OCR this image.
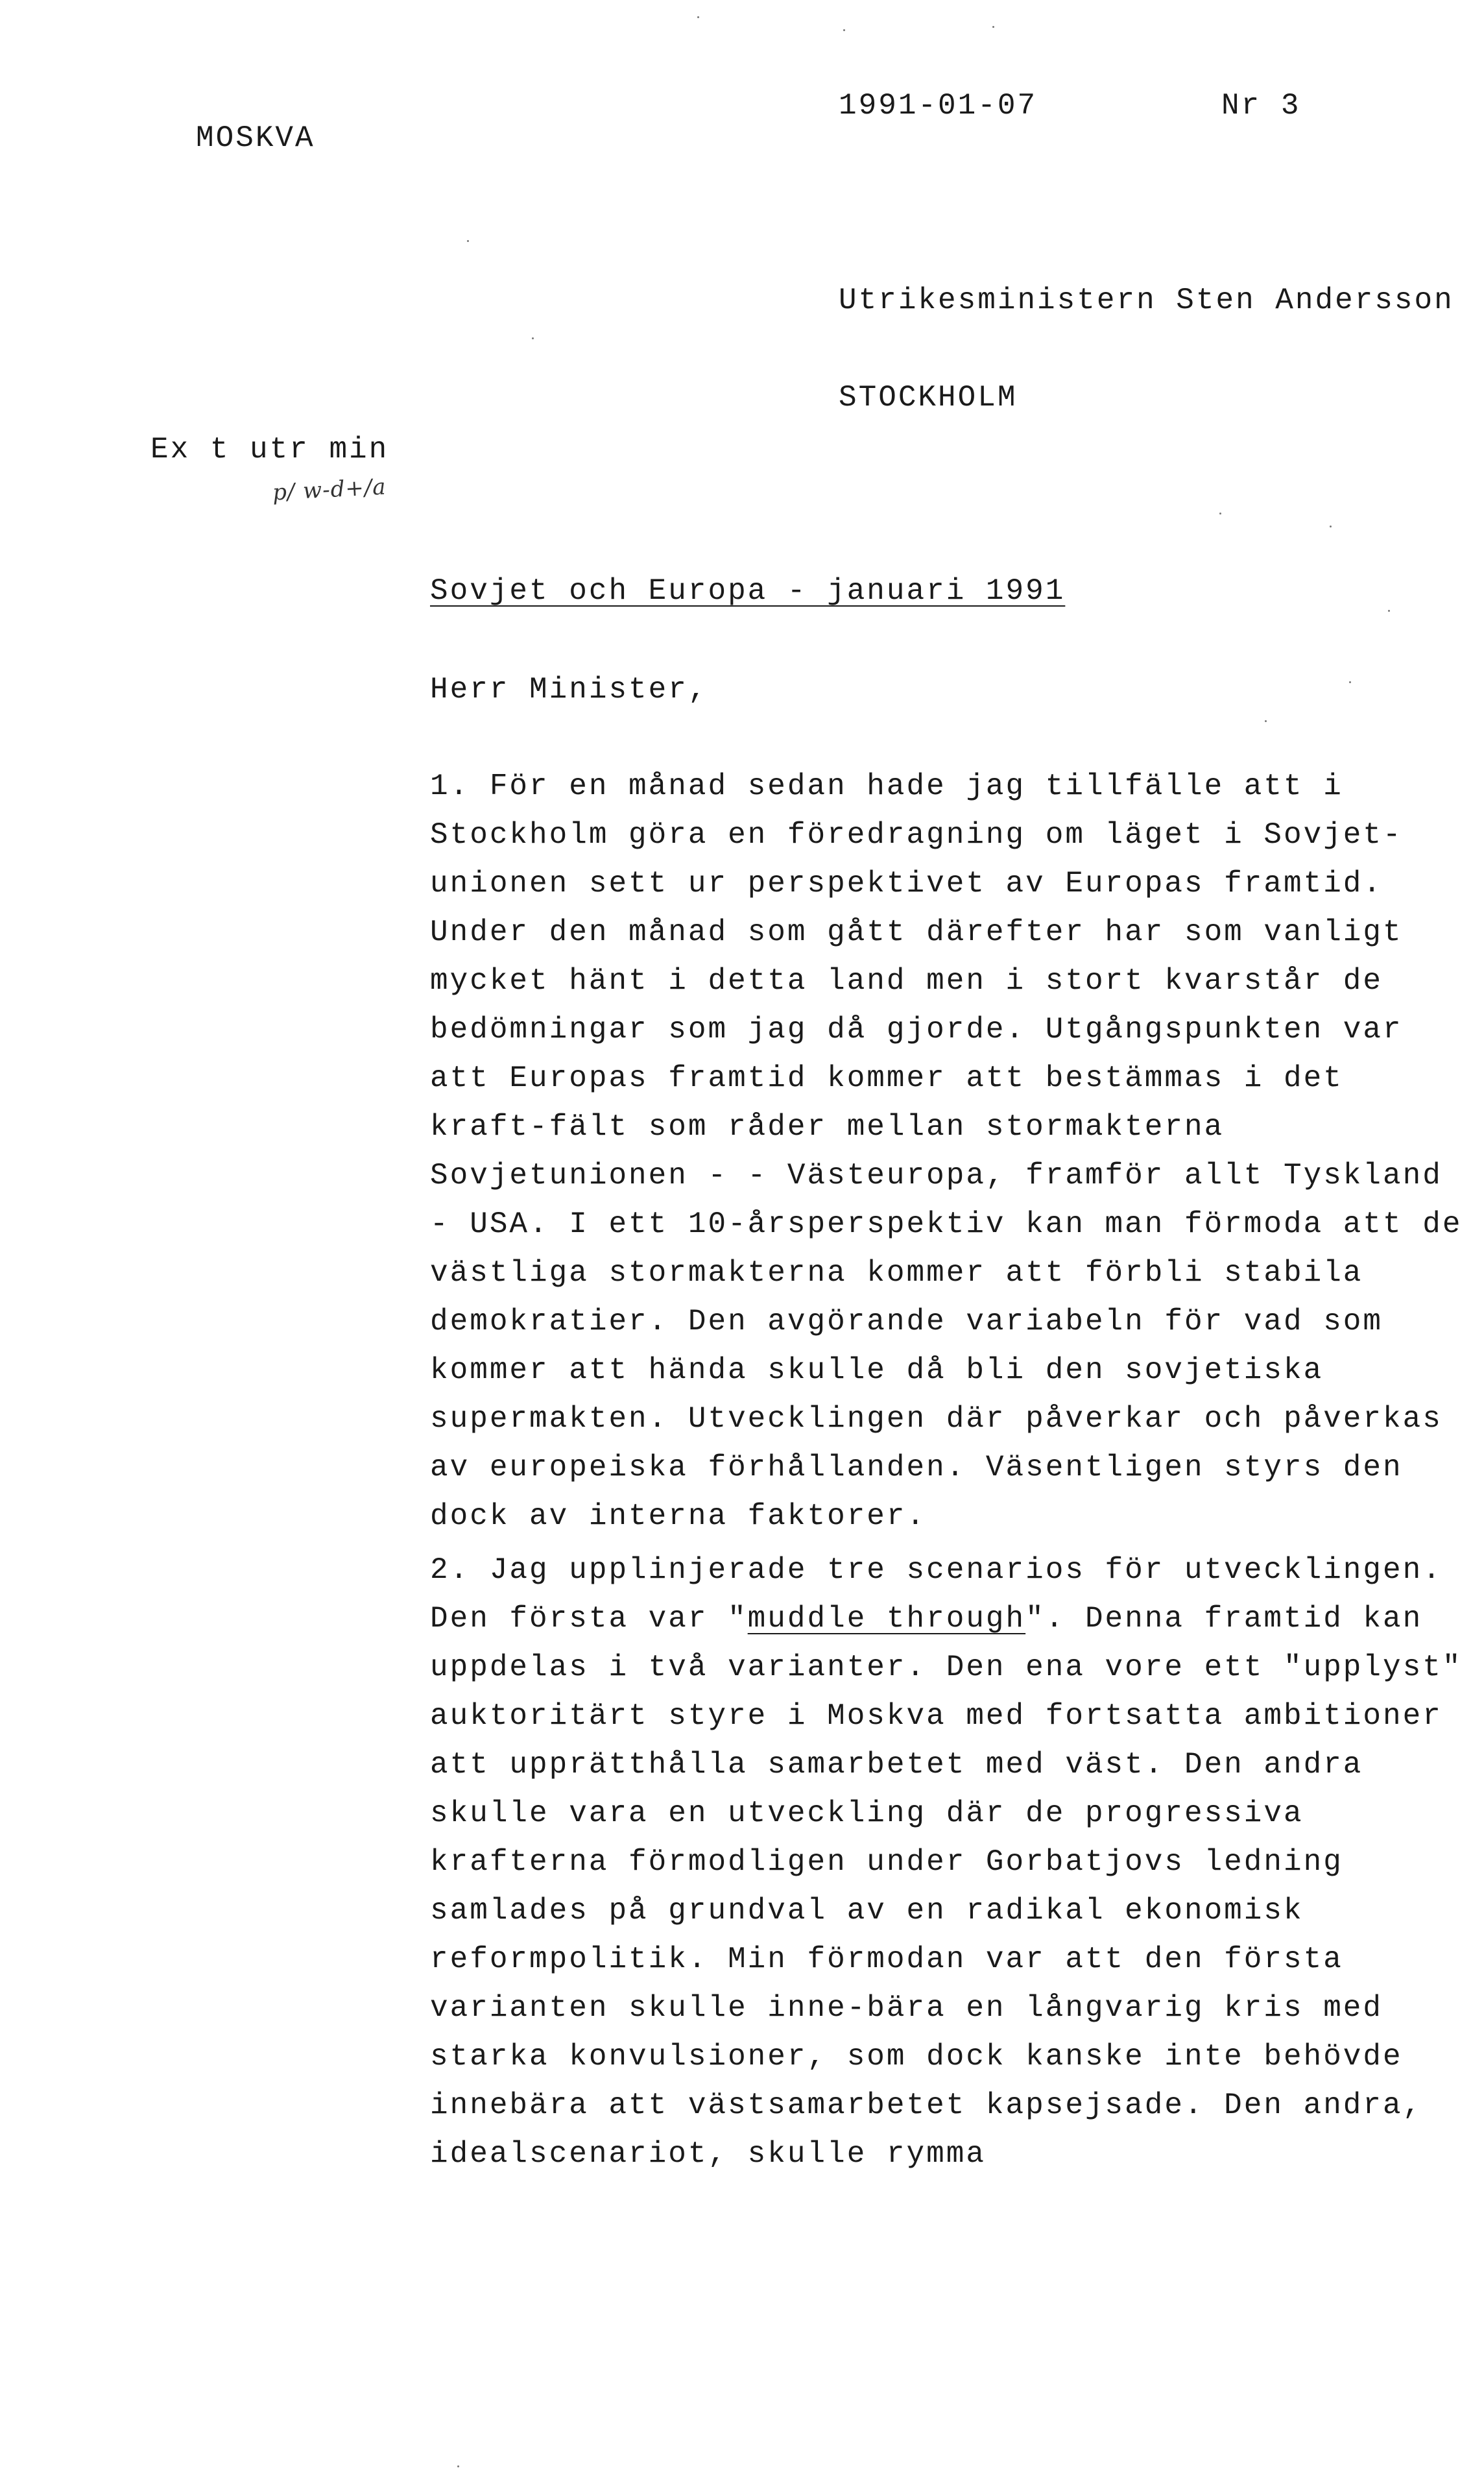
MOSKVA
1991-01-07	Nr 3
Utrikesministern Sten Andersson
STOCKHOLM
Ex t utr min
p/ w-d+/a
Sovjet och Europa - januari 1991
Herr Minister,

1. För en månad sedan hade jag tillfälle att i Stockholm göra en föredragning om läget i Sovjet-unionen sett ur perspektivet av Europas framtid. Under den månad som gått därefter har som vanligt mycket hänt i detta land men i stort kvarstår de bedömningar som jag då gjorde. Utgångspunkten var att Europas framtid kommer att bestämmas i det kraft-fält som råder mellan stormakterna Sovjetunionen - - Västeuropa, framför allt Tyskland - USA. I ett 10-årsperspektiv kan man förmoda att de västliga stormakterna kommer att förbli stabila demokratier. Den avgörande variabeln för vad som kommer att hända skulle då bli den sovjetiska supermakten. Utvecklingen där påverkar och påverkas av europeiska förhållanden. Väsentligen styrs den dock av interna faktorer.

2. Jag upplinjerade tre scenarios för utvecklingen. Den första var "muddle through". Denna framtid kan uppdelas i två varianter. Den ena vore ett "upplyst" auktoritärt styre i Moskva med fortsatta ambitioner att upprätthålla samarbetet med väst. Den andra skulle vara en utveckling där de progressiva krafterna förmodligen under Gorbatjovs ledning samlades på grundval av en radikal ekonomisk reformpolitik. Min förmodan var att den första varianten skulle inne-bära en långvarig kris med starka konvulsioner, som dock kanske inte behövde innebära att västsamarbetet kapsejsade. Den andra, idealscenariot, skulle rymma
